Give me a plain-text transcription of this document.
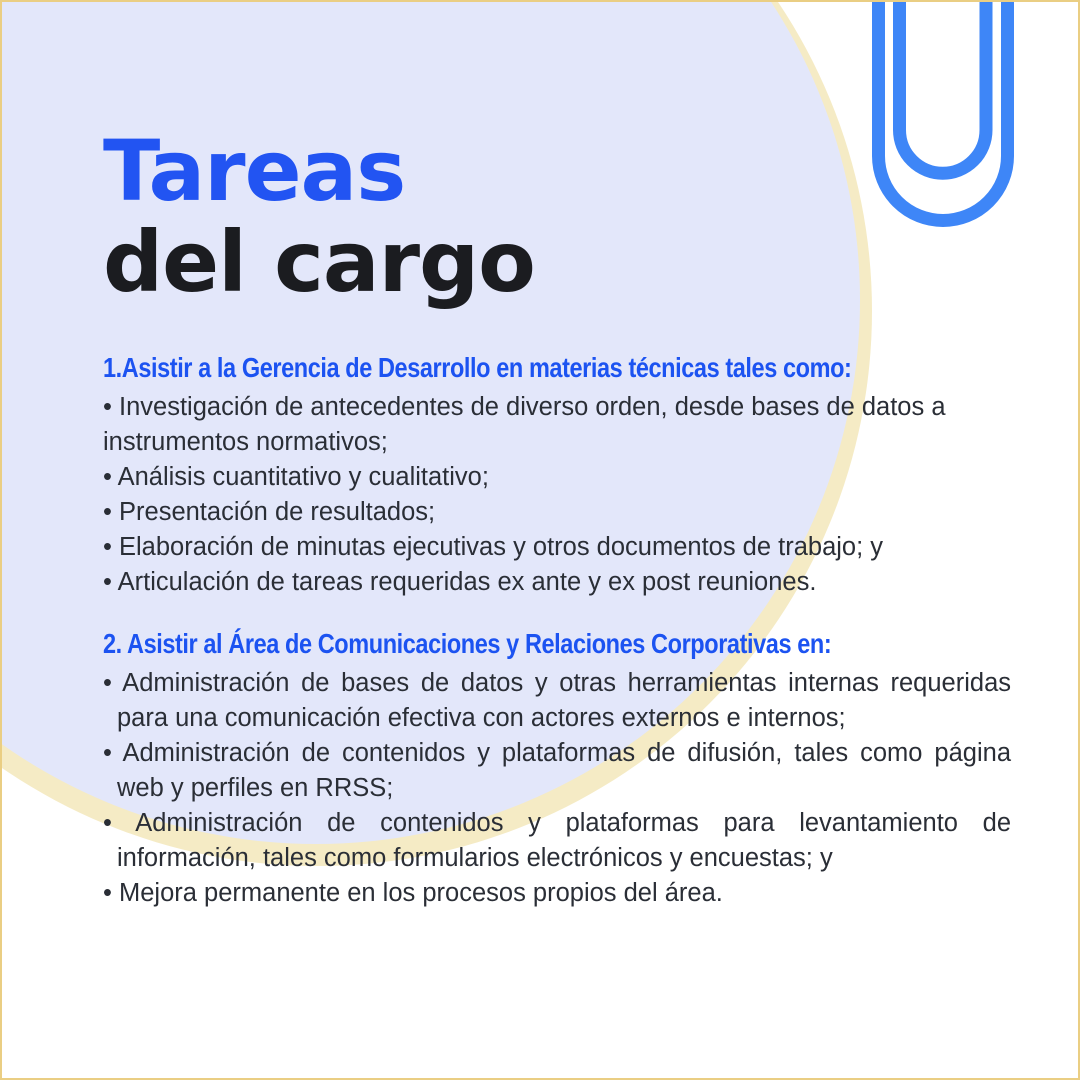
Tareas
del cargo

1.Asistir a la Gerencia de Desarrollo en materias técnicas tales como:

• Investigación de antecedentes de diverso orden, desde bases de datos a instrumentos normativos;

• Análisis cuantitativo y cualitativo;

• Presentación de resultados;

• Elaboración de minutas ejecutivas y otros documentos de trabajo; y

• Articulación de tareas requeridas ex ante y ex post reuniones.

2. Asistir al Área de Comunicaciones y Relaciones Corporativas en:

• Administración de bases de datos y otras herramientas internas requeridas para una comunicación efectiva con actores externos e internos;

• Administración de contenidos y plataformas de difusión, tales como página web y perfiles en RRSS;

• Administración de contenidos y plataformas para levantamiento de información, tales como formularios electrónicos y encuestas; y

• Mejora permanente en los procesos propios del área.
